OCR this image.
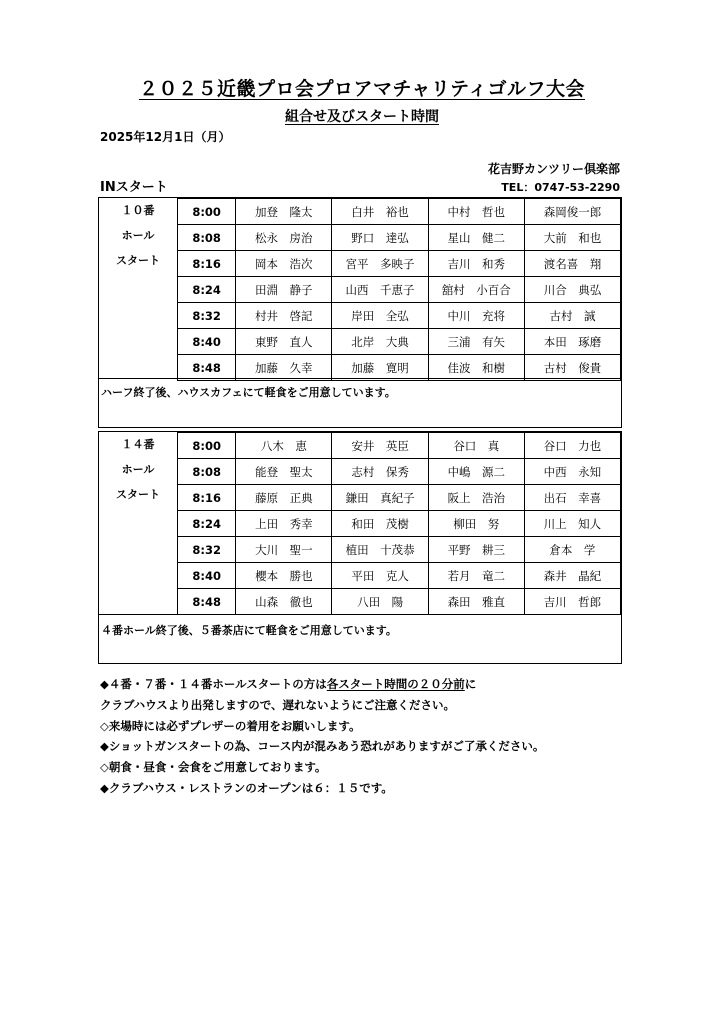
２０２５近畿プロ会プロアマチャリティゴルフ大会
組合せ及びスタート時間
2025年12月1日（月）
花吉野カンツリー倶楽部
INスタート	TEL：0747-53-2290
１０番
ホール
スタート
8:00	加登　隆太	白井　裕也	中村　哲也	森岡俊一郎
8:08	松永　房治	野口　達弘	星山　健二	大前　和也
8:16	岡本　浩次	宮平　多映子	吉川　和秀	渡名喜　翔
8:24	田淵　静子	山西　千恵子	舘村　小百合	川合　典弘
8:32	村井　啓記	岸田　全弘	中川　充将	古村　誠
8:40	東野　直人	北岸　大典	三浦　有矢	本田　琢磨
8:48	加藤　久幸	加藤　寛明	佳波　和樹	古村　俊貴
ハーフ終了後、ハウスカフェにて軽食をご用意しています。
１４番
ホール
スタート
8:00	八木　恵	安井　英臣	谷口　真	谷口　力也
8:08	能登　聖太	志村　保秀	中嶋　源二	中西　永知
8:16	藤原　正典	鎌田　真紀子	阪上　浩治	出石　幸喜
8:24	上田　秀幸	和田　茂樹	柳田　努	川上　知人
8:32	大川　聖一	植田　十茂恭	平野　耕三	倉本　学
8:40	櫻本　勝也	平田　克人	若月　竜二	森井　晶紀
8:48	山森　徹也	八田　陽	森田　雅直	吉川　哲郎
４番ホール終了後、５番茶店にて軽食をご用意しています。
◆４番・７番・１４番ホールスタートの方は各スタート時間の２０分前に
クラブハウスより出発しますので、遅れないようにご注意ください。
◇来場時には必ずプレザーの着用をお願いします。
◆ショットガンスタートの為、コース内が混みあう恐れがありますがご了承ください。
◇朝食・昼食・会食をご用意しております。
◆クラブハウス・レストランのオープンは６：１５です。
